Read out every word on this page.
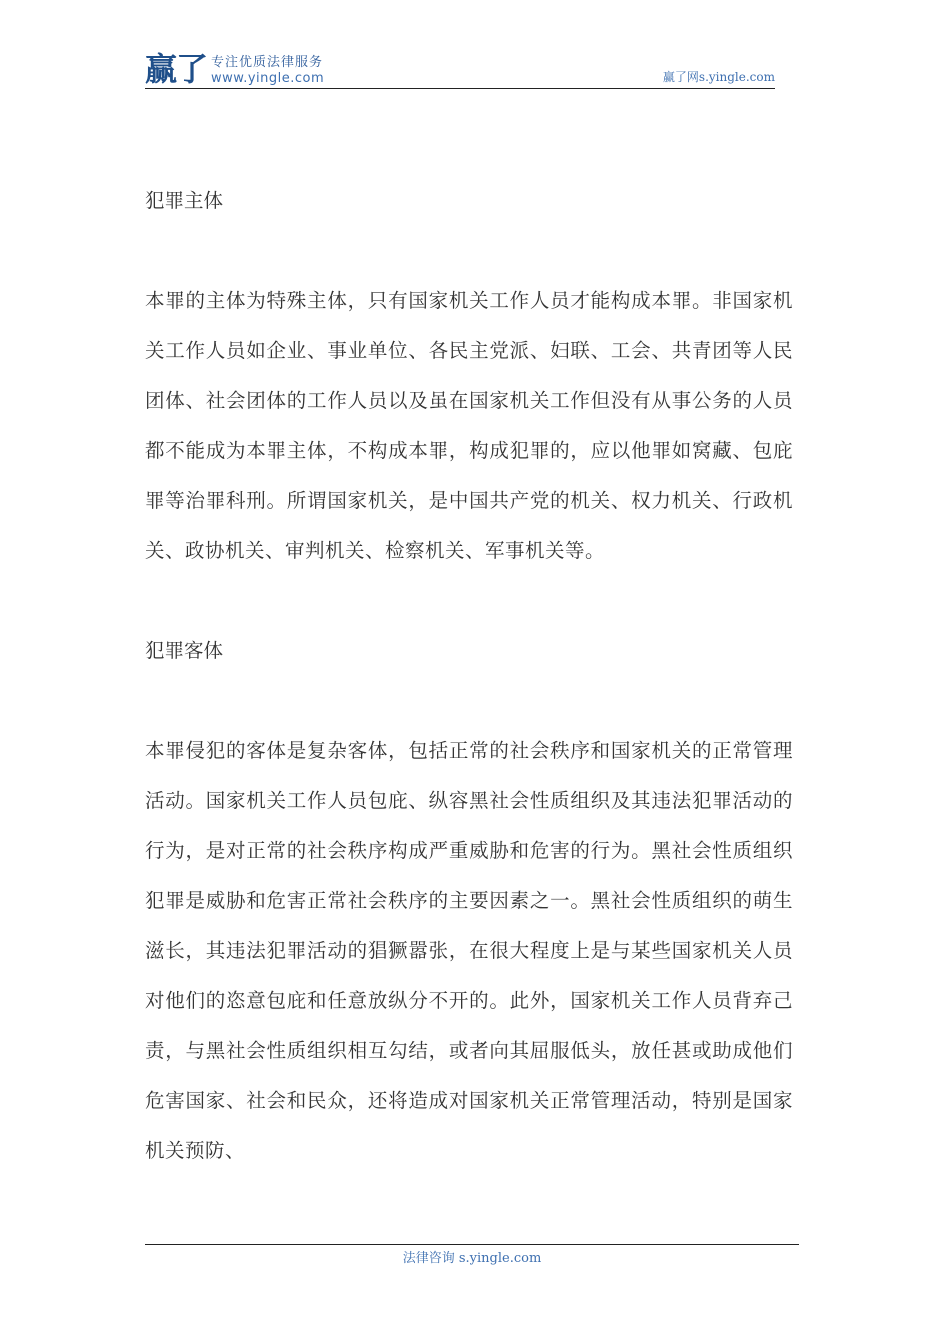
赢了 专注优质法律服务
www.yingle.com	赢了网s.yingle.com

犯罪主体

本罪的主体为特殊主体，只有国家机关工作人员才能构成本罪。非国家机关工作人员如企业、事业单位、各民主党派、妇联、工会、共青团等人民团体、社会团体的工作人员以及虽在国家机关工作但没有从事公务的人员都不能成为本罪主体，不构成本罪，构成犯罪的，应以他罪如窝藏、包庇罪等治罪科刑。所谓国家机关，是中国共产党的机关、权力机关、行政机关、政协机关、审判机关、检察机关、军事机关等。

犯罪客体

本罪侵犯的客体是复杂客体，包括正常的社会秩序和国家机关的正常管理活动。国家机关工作人员包庇、纵容黑社会性质组织及其违法犯罪活动的行为，是对正常的社会秩序构成严重威胁和危害的行为。黑社会性质组织犯罪是威胁和危害正常社会秩序的主要因素之一。黑社会性质组织的萌生滋长，其违法犯罪活动的猖獗嚣张，在很大程度上是与某些国家机关人员对他们的恣意包庇和任意放纵分不开的。此外，国家机关工作人员背弃己责，与黑社会性质组织相互勾结，或者向其屈服低头，放任甚或助成他们危害国家、社会和民众，还将造成对国家机关正常管理活动，特别是国家机关预防、

法律咨询 s.yingle.com
